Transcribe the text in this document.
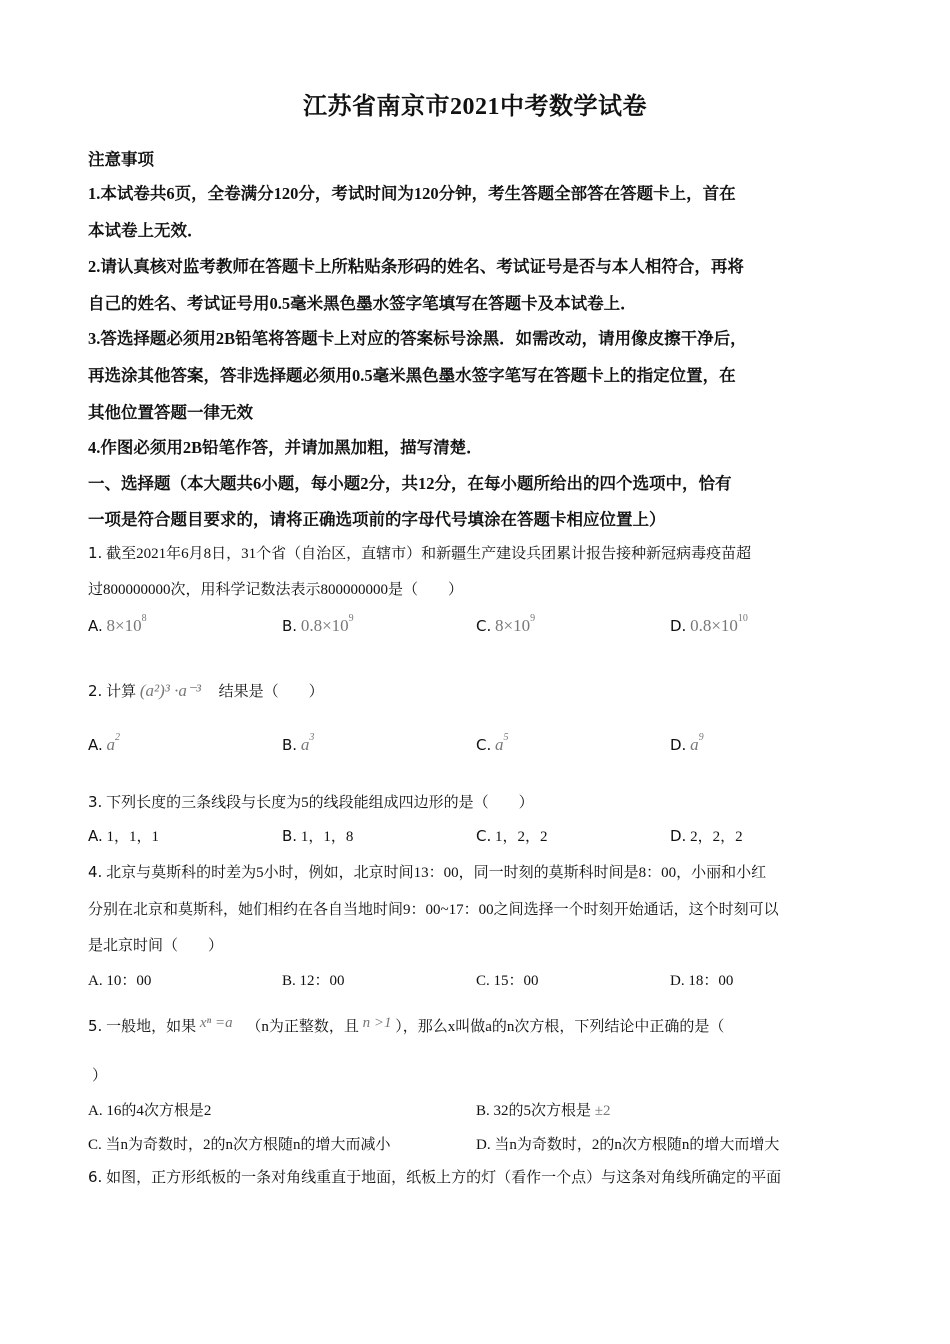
江苏省南京市2021中考数学试卷
注意事项
1.本试卷共6页，全卷满分120分，考试时间为120分钟，考生答题全部答在答题卡上，首在
本试卷上无效．
2.请认真核对监考教师在答题卡上所粘贴条形码的姓名、考试证号是否与本人相符合，再将
自己的姓名、考试证号用0.5毫米黑色墨水签字笔填写在答题卡及本试卷上．
3.答选择题必须用2B铅笔将答题卡上对应的答案标号涂黑．如需改动，请用像皮擦干净后，
再选涂其他答案，答非选择题必须用0.5毫米黑色墨水签字笔写在答题卡上的指定位置，在
其他位置答题一律无效
4.作图必须用2B铅笔作答，并请加黑加粗，描写清楚．
一、选择题（本大题共6小题，每小题2分，共12分，在每小题所给出的四个选项中，恰有
一项是符合题目要求的，请将正确选项前的字母代号填涂在答题卡相应位置上）
1. 截至2021年6月8日，31个省（自治区，直辖市）和新疆生产建设兵团累计报告接种新冠病毒疫苗超
过800000000次，用科学记数法表示800000000是（　　）
A. $8\times 10^8$	B. $0.8\times 10^9$	C. $8\times 10^9$	D. $0.8\times 10^{10}$
2. 计算 (a²)³ ·a⁻³ 结果是（　　）
A. $a^2$	B. $a^3$	C. $a^5$	D. $a^9$
3. 下列长度的三条线段与长度为5的线段能组成四边形的是（　　）
A. 1，1，1	B. 1，1，8	C. 1，2，2	D. 2，2，2
4. 北京与莫斯科的时差为5小时，例如，北京时间13：00，同一时刻的莫斯科时间是8：00，小丽和小红
分别在北京和莫斯科，她们相约在各自当地时间9：00~17：00之间选择一个时刻开始通话，这个时刻可以
是北京时间（　　）
A. 10：00	B. 12：00	C. 15：00	D. 18：00
5. 一般地，如果 xⁿ =a （n为正整数，且 n >1 ），那么x叫做a的n次方根，下列结论中正确的是（
）
A. 16的4次方根是2	B. 32的5次方根是 ±2
C. 当n为奇数时，2的n次方根随n的增大而减小	D. 当n为奇数时，2的n次方根随n的增大而增大
6. 如图，正方形纸板的一条对角线重直于地面，纸板上方的灯（看作一个点）与这条对角线所确定的平面
